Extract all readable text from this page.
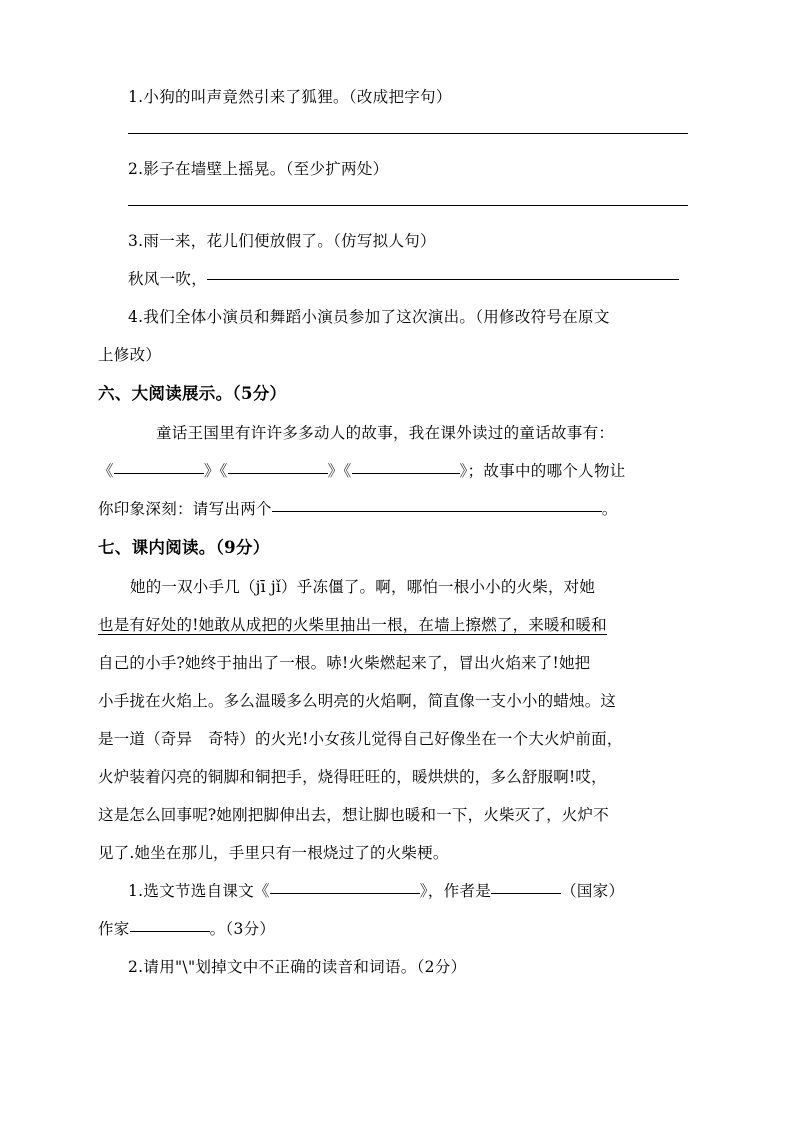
1.小狗的叫声竟然引来了狐狸。（改成把字句）
2.影子在墙壁上摇晃。（至少扩两处）
3.雨一来，花儿们便放假了。（仿写拟人句）
秋风一吹，
4.我们全体小演员和舞蹈小演员参加了这次演出。（用修改符号在原文
上修改）
六、大阅读展示。（5分）
童话王国里有许许多多动人的故事，我在课外读过的童话故事有：
《	》《	》《	》；故事中的哪个人物让
你印象深刻：请写出两个	。
七、课内阅读。（9分）
她的一双小手几（jī jǐ）乎冻僵了。啊，哪怕一根小小的火柴，对她
也是有好处的!她敢从成把的火柴里抽出一根，在墙上擦燃了，来暖和暖和
自己的小手?她终于抽出了一根。哧!火柴燃起来了，冒出火焰来了!她把
小手拢在火焰上。多么温暖多么明亮的火焰啊，简直像一支小小的蜡烛。这
是一道（奇异　奇特）的火光!小女孩儿觉得自己好像坐在一个大火炉前面，
火炉装着闪亮的铜脚和铜把手，烧得旺旺的，暖烘烘的，多么舒服啊!哎，
这是怎么回事呢?她刚把脚伸出去，想让脚也暖和一下，火柴灭了，火炉不
见了.她坐在那儿，手里只有一根烧过了的火柴梗。
1.选文节选自课文《	》，作者是	（国家）
作家	。（3分）
2.请用"\"划掉文中不正确的读音和词语。（2分）
